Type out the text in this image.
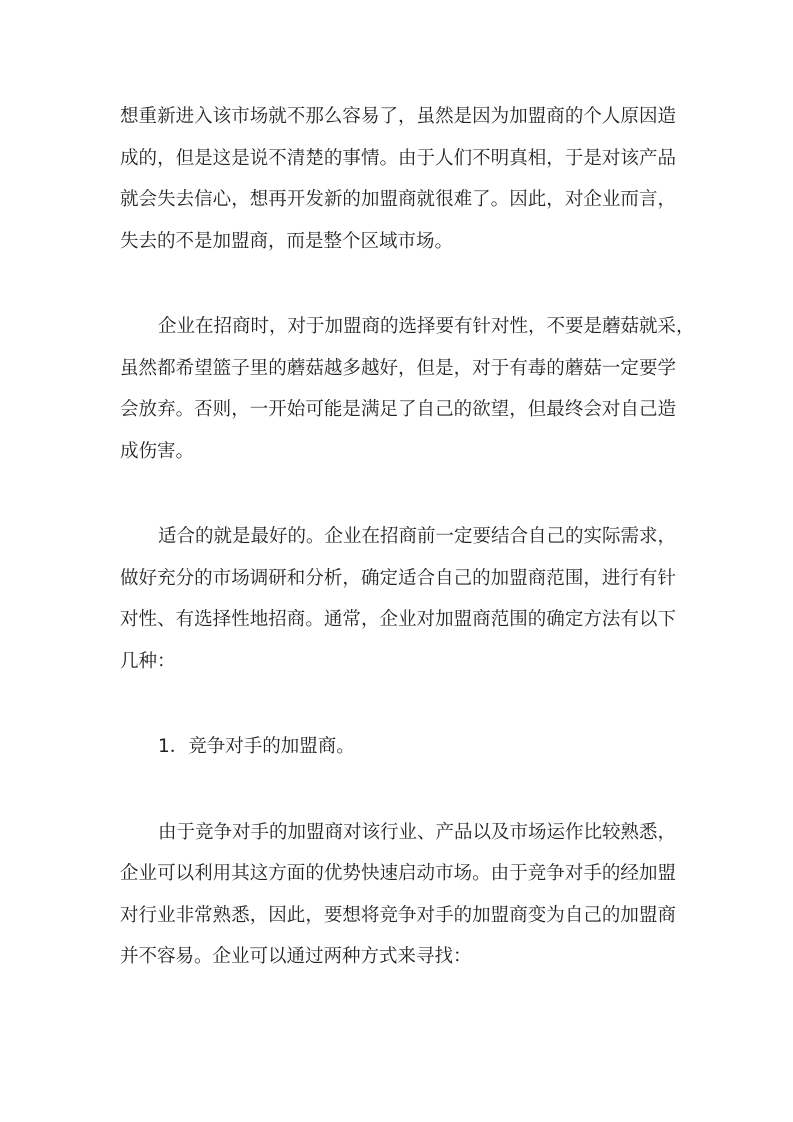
想重新进入该市场就不那么容易了，虽然是因为加盟商的个人原因造
成的，但是这是说不清楚的事情。由于人们不明真相，于是对该产品
就会失去信心，想再开发新的加盟商就很难了。因此，对企业而言，
失去的不是加盟商，而是整个区域市场。
企业在招商时，对于加盟商的选择要有针对性，不要是蘑菇就采，
虽然都希望篮子里的蘑菇越多越好，但是，对于有毒的蘑菇一定要学
会放弃。否则，一开始可能是满足了自己的欲望，但最终会对自己造
成伤害。
适合的就是最好的。企业在招商前一定要结合自己的实际需求，
做好充分的市场调研和分析，确定适合自己的加盟商范围，进行有针
对性、有选择性地招商。通常，企业对加盟商范围的确定方法有以下
几种：
1．竞争对手的加盟商。
由于竞争对手的加盟商对该行业、产品以及市场运作比较熟悉，
企业可以利用其这方面的优势快速启动市场。由于竞争对手的经加盟
对行业非常熟悉，因此，要想将竞争对手的加盟商变为自己的加盟商
并不容易。企业可以通过两种方式来寻找：
